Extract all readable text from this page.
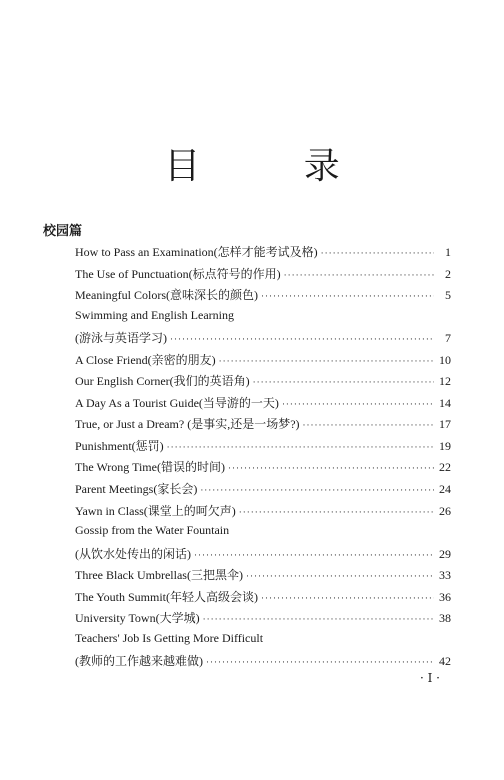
目 录
校园篇
How to Pass an Examination(怎样才能考试及格) ·····	1
The Use of Punctuation(标点符号的作用) ·····	2
Meaningful Colors(意味深长的颜色) ·····	5
Swimming and English Learning
(游泳与英语学习) ·····	7
A Close Friend(亲密的朋友) ·····	10
Our English Corner(我们的英语角) ·····	12
A Day As a Tourist Guide(当导游的一天) ·····	14
True, or Just a Dream? (是事实,还是一场梦?) ·····	17
Punishment(惩罚) ·····	19
The Wrong Time(错误的时间) ·····	22
Parent Meetings(家长会) ·····	24
Yawn in Class(课堂上的呵欠声) ·····	26
Gossip from the Water Fountain
(从饮水处传出的闲话) ·····	29
Three Black Umbrellas(三把黑伞) ·····	33
The Youth Summit(年轻人高级会谈) ·····	36
University Town(大学城) ·····	38
Teachers' Job Is Getting More Difficult
(教师的工作越来越难做) ·····	42
· I ·
